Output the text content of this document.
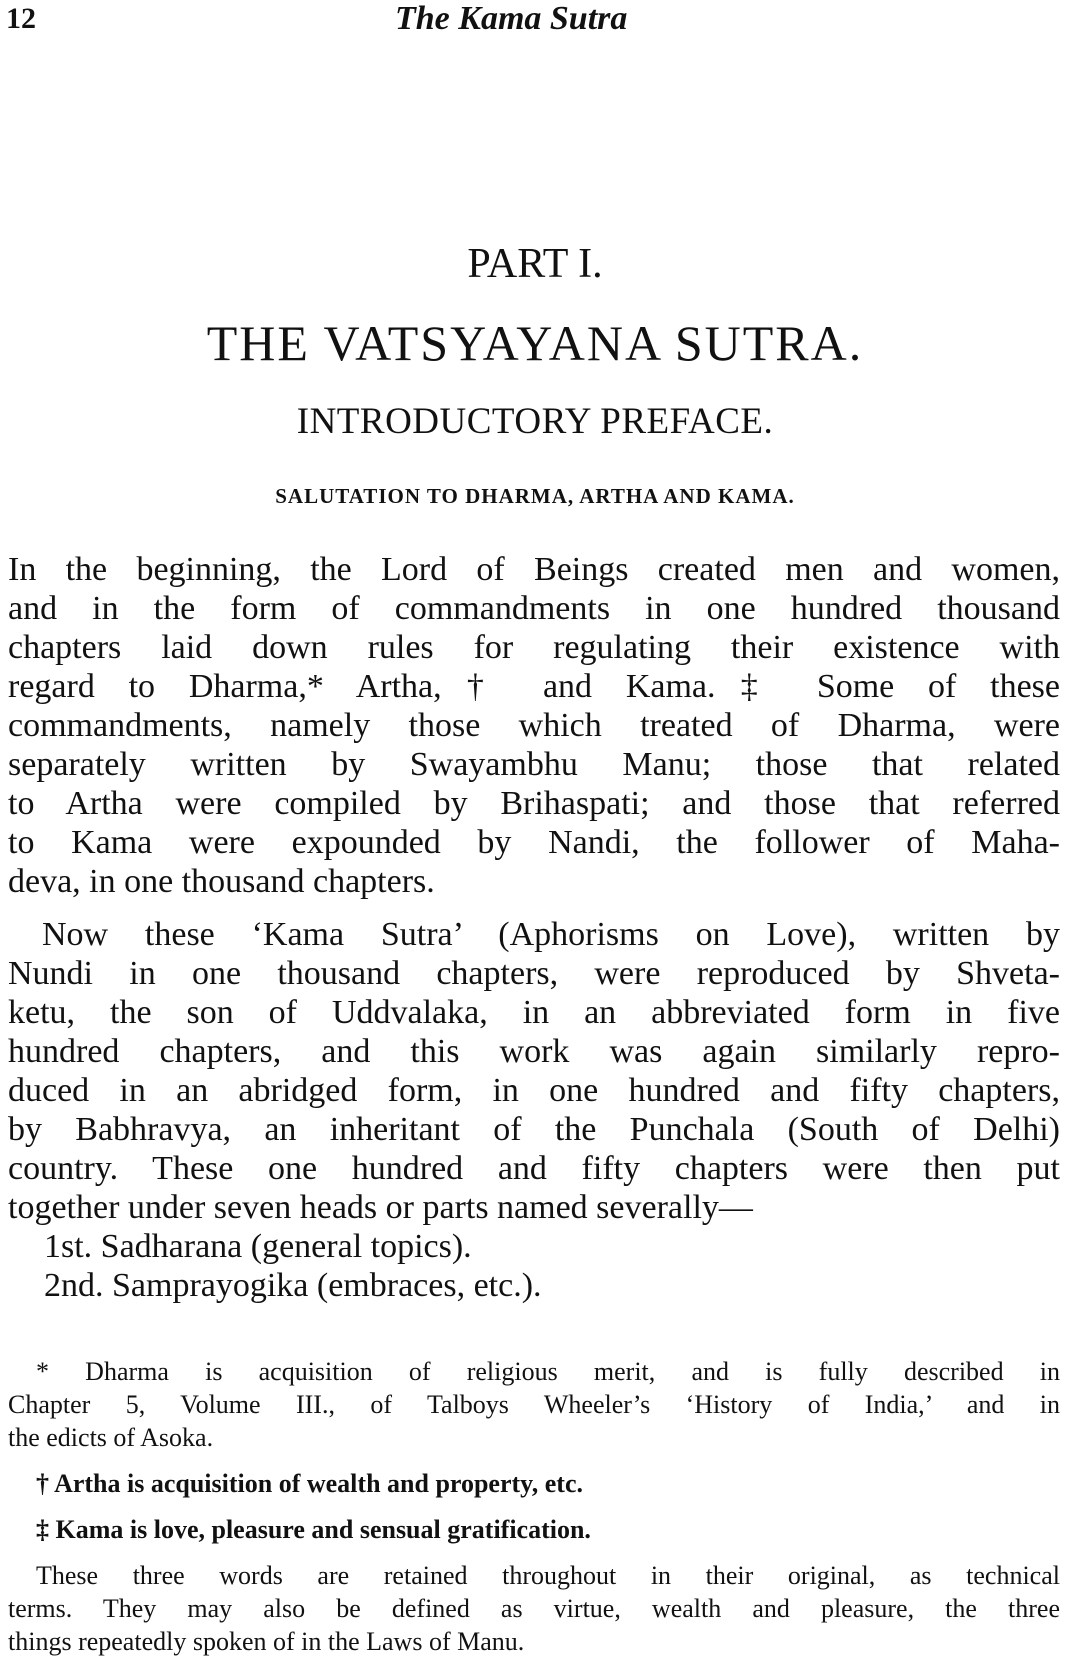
12	The Kama Sutra
PART I.
THE VATSYAYANA SUTRA.
INTRODUCTORY PREFACE.
SALUTATION TO DHARMA, ARTHA AND KAMA.
In the beginning, the Lord of Beings created men and women,
and in the form of commandments in one hundred thousand
chapters laid down rules for regulating their existence with
regard to Dharma,* Artha,† and Kama.‡ Some of these
commandments, namely those which treated of Dharma, were
separately written by Swayambhu Manu; those that related
to Artha were compiled by Brihaspati; and those that referred
to Kama were expounded by Nandi, the follower of Maha-
deva, in one thousand chapters.
Now these ‘Kama Sutra’ (Aphorisms on Love), written by
Nundi in one thousand chapters, were reproduced by Shveta-
ketu, the son of Uddvalaka, in an abbreviated form in five
hundred chapters, and this work was again similarly repro-
duced in an abridged form, in one hundred and fifty chapters,
by Babhravya, an inheritant of the Punchala (South of Delhi)
country. These one hundred and fifty chapters were then put
together under seven heads or parts named severally—
1st. Sadharana (general topics).
2nd. Samprayogika (embraces, etc.).
* Dharma is acquisition of religious merit, and is fully described in
Chapter 5, Volume III., of Talboys Wheeler’s ‘History of India,’ and in
the edicts of Asoka.
† Artha is acquisition of wealth and property, etc.
‡ Kama is love, pleasure and sensual gratification.
These three words are retained throughout in their original, as technical
terms. They may also be defined as virtue, wealth and pleasure, the three
things repeatedly spoken of in the Laws of Manu.
